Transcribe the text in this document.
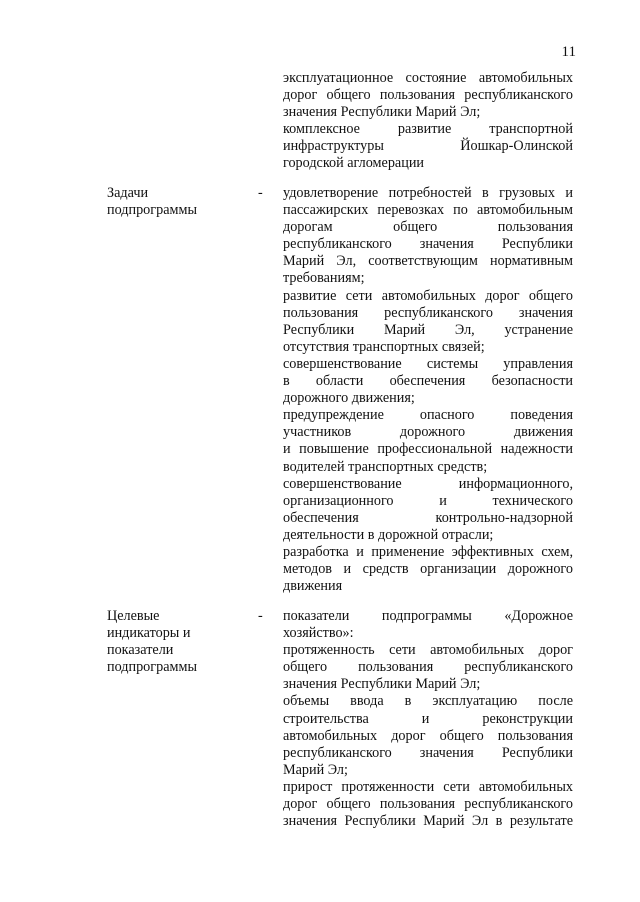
11
эксплуатационное состояние автомобильных
дорог общего пользования республиканского
значения Республики Марий Эл;
комплексное развитие транспортной
инфраструктуры Йошкар-Олинской
городской агломерации
Задачи
подпрограммы
-	удовлетворение потребностей в грузовых и
пассажирских перевозках по автомобильным
дорогам общего пользования
республиканского значения Республики
Марий Эл, соответствующим нормативным
требованиям;
развитие сети автомобильных дорог общего
пользования республиканского значения
Республики Марий Эл, устранение
отсутствия транспортных связей;
совершенствование системы управления
в области обеспечения безопасности
дорожного движения;
предупреждение опасного поведения
участников дорожного движения
и повышение профессиональной надежности
водителей транспортных средств;
совершенствование информационного,
организационного и технического
обеспечения контрольно-надзорной
деятельности в дорожной отрасли;
разработка и применение эффективных схем,
методов и средств организации дорожного
движения
Целевые
индикаторы и
показатели
подпрограммы
-	показатели подпрограммы «Дорожное
хозяйство»:
протяженность сети автомобильных дорог
общего пользования республиканского
значения Республики Марий Эл;
объемы ввода в эксплуатацию после
строительства и реконструкции
автомобильных дорог общего пользования
республиканского значения Республики
Марий Эл;
прирост протяженности сети автомобильных
дорог общего пользования республиканского
значения Республики Марий Эл в результате
